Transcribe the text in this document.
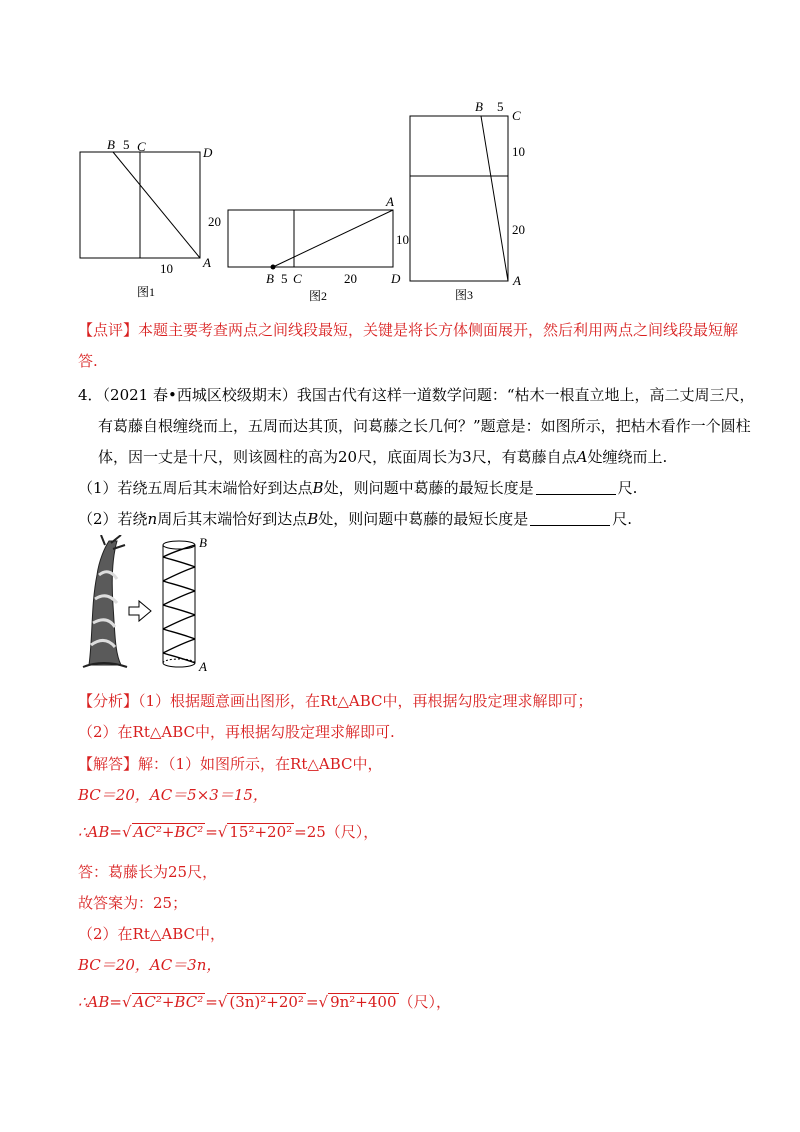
B 5 C	D
10 A
图1
A
20
10
B 5 C	20	D
图2
B 5
C
10
20
A
图3
【点评】本题主要考查两点之间线段最短，关键是将长方体侧面展开，然后利用两点之间线段最短解
答.
4．（2021 春•西城区校级期末）我国古代有这样一道数学问题：“枯木一根直立地上，高二丈周三尺，
有葛藤自根缠绕而上，五周而达其顶，问葛藤之长几何？”题意是：如图所示，把枯木看作一个圆柱
体，因一丈是十尺，则该圆柱的高为20尺，底面周长为3尺，有葛藤自点A处缠绕而上.
（1）若绕五周后其末端恰好到达点B处，则问题中葛藤的最短长度是	尺.
（2）若绕n周后其末端恰好到达点B处，则问题中葛藤的最短长度是	尺.
B
A
【分析】（1）根据题意画出图形，在Rt△ABC中，再根据勾股定理求解即可；
（2）在Rt△ABC中，再根据勾股定理求解即可.
【解答】解：（1）如图所示，在Rt△ABC中，
BC＝20，AC＝5×3＝15，
∴AB=√ AC²+BC² =√ 15²+20² =25（尺），
答：葛藤长为25尺，
故答案为：25；
（2）在Rt△ABC中，
BC＝20，AC＝3n，
∴AB=√ AC²+BC² =√ (3n)²+20² =√ 9n²+400 （尺），
